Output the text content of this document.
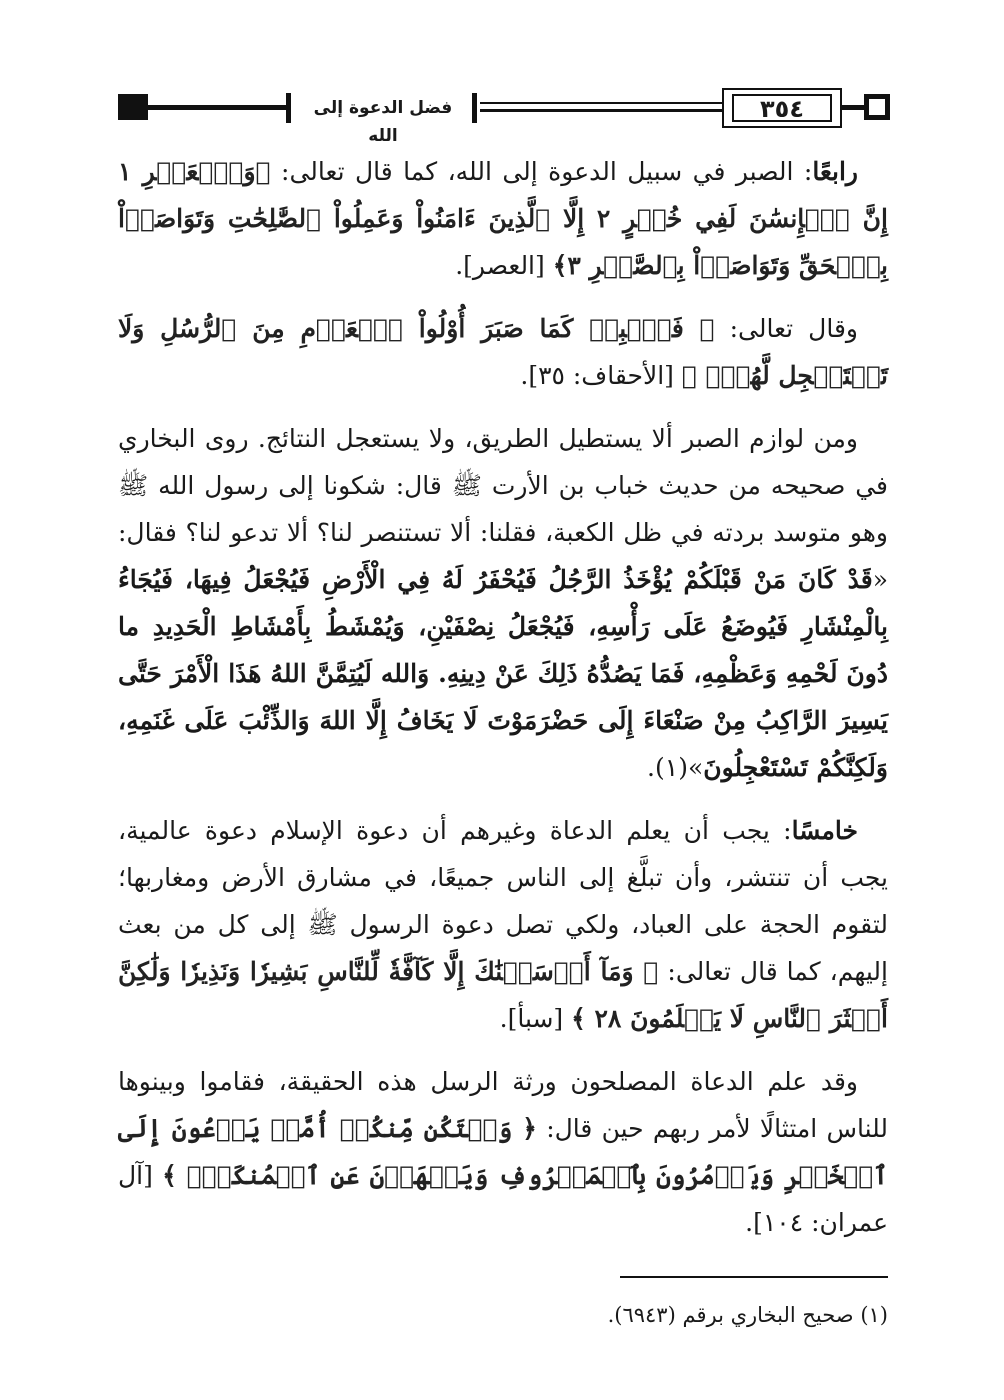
فضل الدعوة إلى الله
٣٥٤

رابعًا: الصبر في سبيل الدعوة إلى الله، كما قال تعالى: ﴿وَٱلۡعَصۡرِ ١ إِنَّ ٱلۡإِنسَٰنَ لَفِي خُسۡرٍ ٢ إِلَّا ٱلَّذِينَ ءَامَنُواْ وَعَمِلُواْ ٱلصَّٰلِحَٰتِ وَتَوَاصَوۡاْ بِٱلۡحَقِّ وَتَوَاصَوۡاْ بِٱلصَّبۡرِ ٣﴾ [العصر].

وقال تعالى: ﴿ فَٱصۡبِرۡ كَمَا صَبَرَ أُوْلُواْ ٱلۡعَزۡمِ مِنَ ٱلرُّسُلِ وَلَا تَسۡتَعۡجِل لَّهُمۡۚ ﴾ [الأحقاف: ٣٥].

ومن لوازم الصبر ألا يستطيل الطريق، ولا يستعجل النتائج. روى البخاري في صحيحه من حديث خباب بن الأرت ﷺ قال: شكونا إلى رسول الله ﷺ وهو متوسد بردته في ظل الكعبة، فقلنا: ألا تستنصر لنا؟ ألا تدعو لنا؟ فقال: «قَدْ كَانَ مَنْ قَبْلَكُمْ يُؤْخَذُ الرَّجُلُ فَيُحْفَرُ لَهُ فِي الْأَرْضِ فَيُجْعَلُ فِيهَا، فَيُجَاءُ بِالْمِنْشَارِ فَيُوضَعُ عَلَى رَأْسِهِ، فَيُجْعَلُ نِصْفَيْنِ، وَيُمْشَطُ بِأَمْشَاطِ الْحَدِيدِ ما دُونَ لَحْمِهِ وَعَظْمِهِ، فَمَا يَصُدُّهُ ذَلِكَ عَنْ دِينِهِ. وَالله لَيُتِمَّنَّ اللهُ هَذَا الْأَمْرَ حَتَّى يَسِيرَ الرَّاكِبُ مِنْ صَنْعَاءَ إِلَى حَضْرَمَوْتَ لَا يَخَافُ إِلَّا اللهَ وَالذِّئْبَ عَلَى غَنَمِهِ، وَلَكِنَّكُمْ تَسْتَعْجِلُونَ»(١).

خامسًا: يجب أن يعلم الدعاة وغيرهم أن دعوة الإسلام دعوة عالمية، يجب أن تنتشر، وأن تبلَّغ إلى الناس جميعًا، في مشارق الأرض ومغاربها؛ لتقوم الحجة على العباد، ولكي تصل دعوة الرسول ﷺ إلى كل من بعث إليهم، كما قال تعالى: ﴿ وَمَآ أَرۡسَلۡنَٰكَ إِلَّا كَآفَّةٗ لِّلنَّاسِ بَشِيرٗا وَنَذِيرٗا وَلَٰكِنَّ أَكۡثَرَ ٱلنَّاسِ لَا يَعۡلَمُونَ ٢٨ ﴾ [سبأ].

وقد علم الدعاة المصلحون ورثة الرسل هذه الحقيقة، فقاموا وبينوها للناس امتثالًا لأمر ربهم حين قال: ﴿ وَلۡتَكُن مِّنكُمۡ أُمَّةٞ يَدۡعُونَ إِلَى ٱلۡخَيۡرِ وَيَأۡمُرُونَ بِٱلۡمَعۡرُوفِ وَيَنۡهَوۡنَ عَنِ ٱلۡمُنكَرِۚ ﴾ [آل عمران: ١٠٤].

(١) صحيح البخاري برقم (٦٩٤٣).
